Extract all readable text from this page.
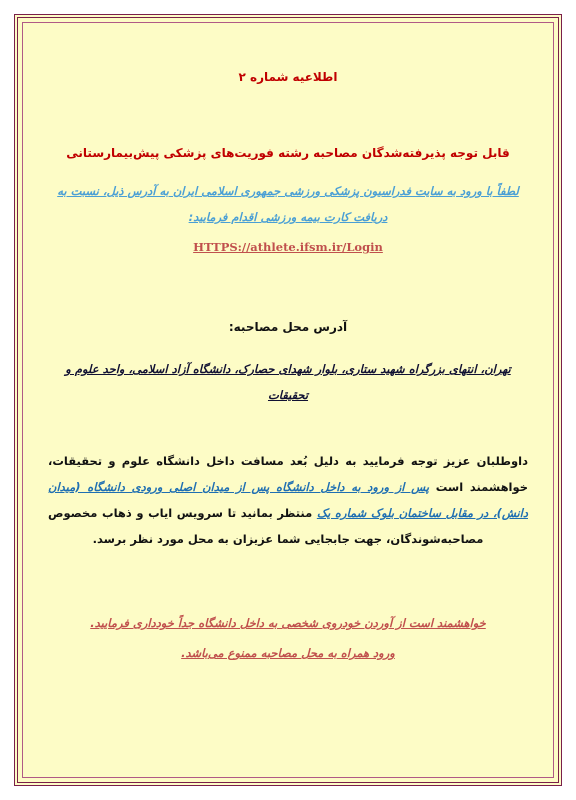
اطلاعیه شماره ۲
قابل توجه پذیرفته‌شدگان مصاحبه رشته فوریت‌های پزشکی پیش‌بیمارستانی
لطفاً با ورود به سایت فدراسیون پزشکی ورزشی جمهوری اسلامی ایران به آدرس ذیل، نسبت به دریافت کارت بیمه ورزشی اقدام فرمایید:
HTTPS://athlete.ifsm.ir/Login
آدرس محل مصاحبه:
تهران، انتهای بزرگراه شهید ستاری، بلوار شهدای حصارک، دانشگاه آزاد اسلامی، واحد علوم و تحقیقات
داوطلبان عزیز توجه فرمایید به دلیل بُعد مسافت داخل دانشگاه علوم و تحقیقات، خواهشمند است پس از ورود به داخل دانشگاه پس از میدان اصلی ورودی دانشگاه (میدان دانش)، در مقابل ساختمان بلوک شماره یک منتظر بمانید تا سرویس ایاب و ذهاب مخصوص مصاحبه‌شوندگان، جهت جابجایی شما عزیزان به محل مورد نظر برسد.
خواهشمند است از آوردن خودروی شخصی به داخل دانشگاه جداً خودداری فرمایید.
ورود همراه به محل مصاحبه ممنوع می‌باشد.
